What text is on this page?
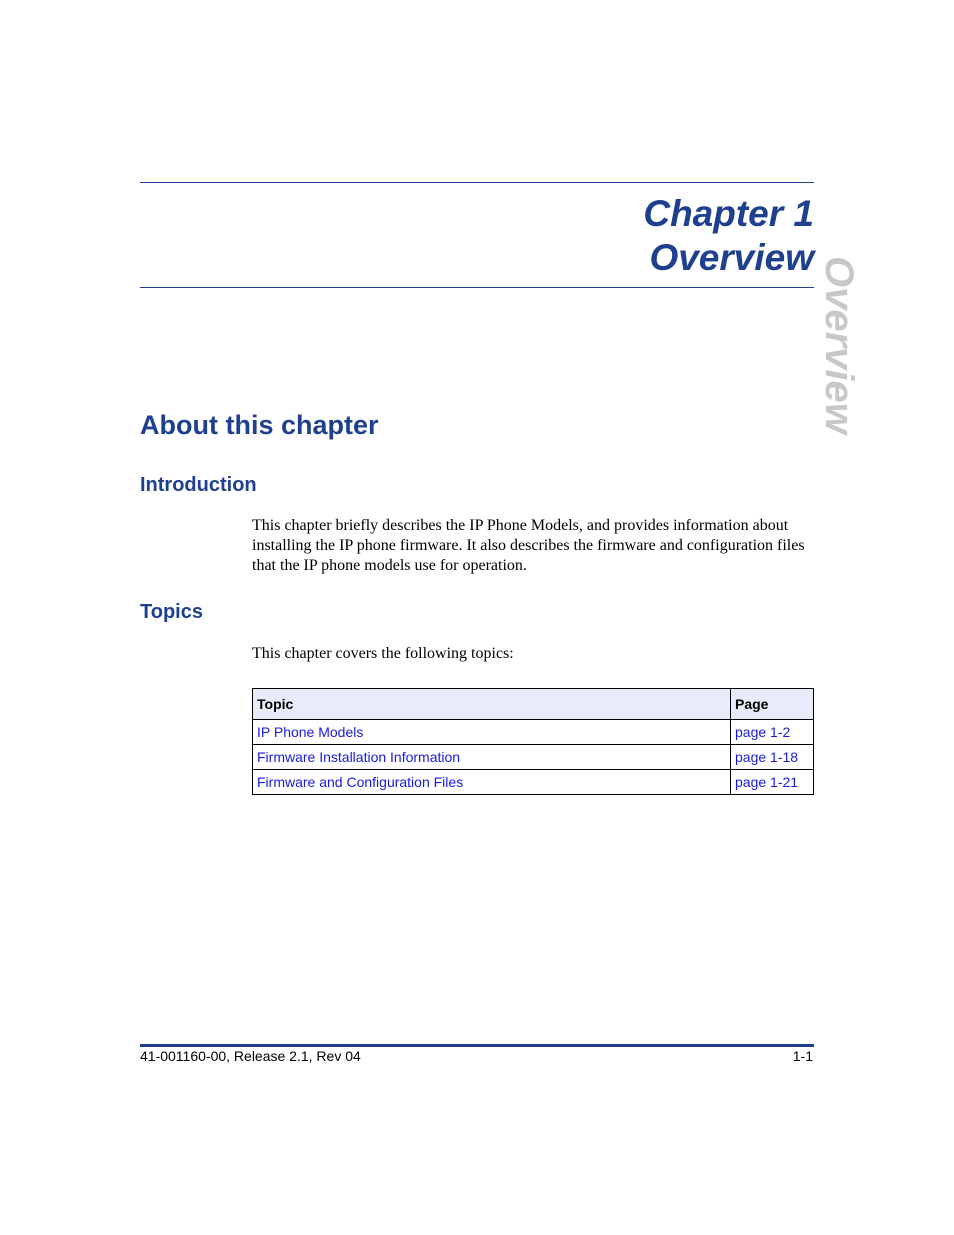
Chapter 1
Overview Overview
About this chapter
Introduction
This chapter briefly describes the IP Phone Models, and provides information about installing the IP phone firmware. It also describes the firmware and configuration files that the IP phone models use for operation.
Topics
This chapter covers the following topics:
Topic	Page
IP Phone Models	page 1-2
Firmware Installation Information	page 1-18
Firmware and Configuration Files	page 1-21
41-001160-00, Release 2.1, Rev 04	1-1
